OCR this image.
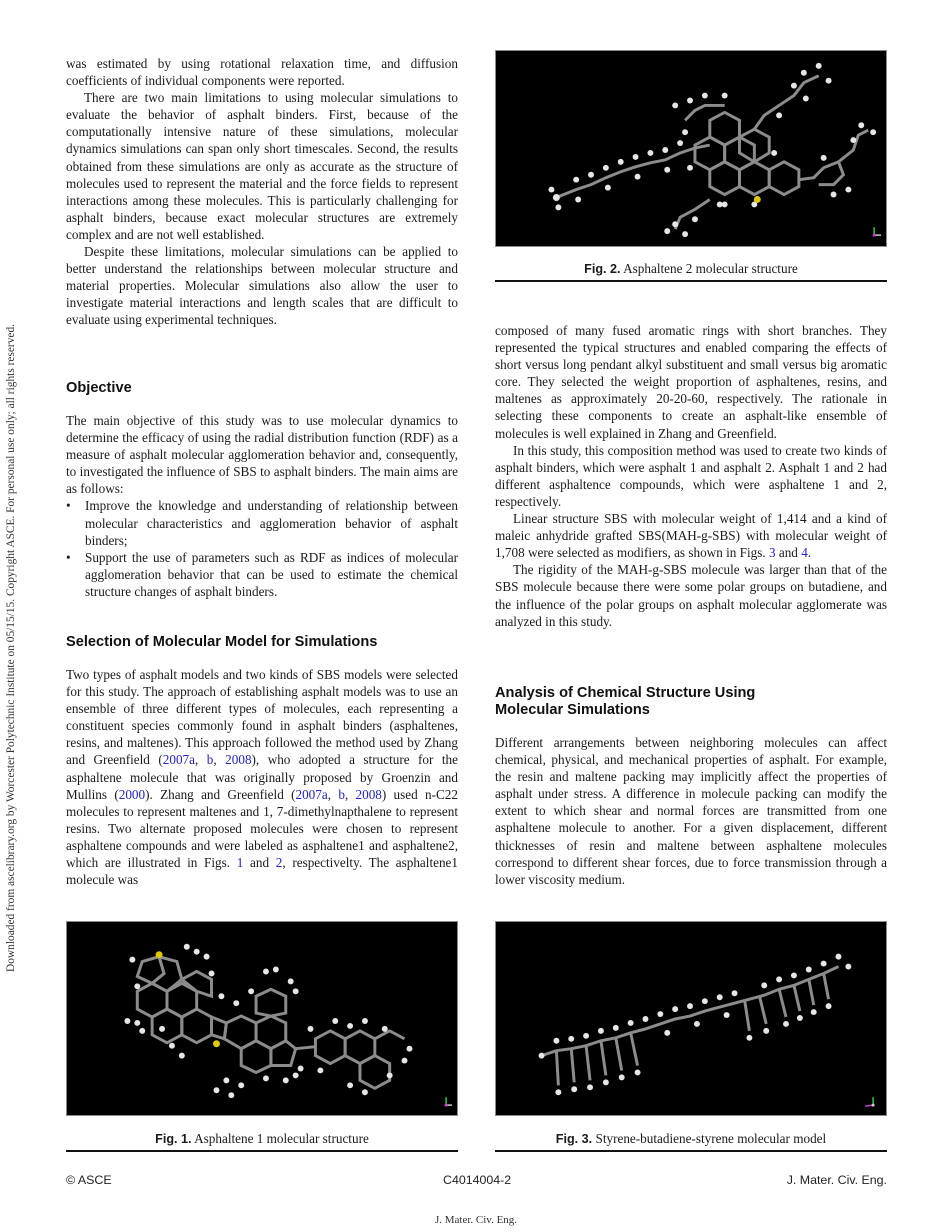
Downloaded from ascelibrary.org by Worcester Polytechnic Institute on 05/15/15. Copyright ASCE. For personal use only; all rights reserved.

was estimated by using rotational relaxation time, and diffusion coefficients of individual components were reported.

There are two main limitations to using molecular simulations to evaluate the behavior of asphalt binders. First, because of the computationally intensive nature of these simulations, molecular dynamics simulations can span only short timescales. Second, the results obtained from these simulations are only as accurate as the structure of molecules used to represent the material and the force fields to represent interactions among these molecules. This is particularly challenging for asphalt binders, because exact molecular structures are extremely complex and are not well established.

Despite these limitations, molecular simulations can be applied to better understand the relationships between molecular structure and material properties. Molecular simulations also allow the user to investigate material interactions and length scales that are difficult to evaluate using experimental techniques.

Objective

The main objective of this study was to use molecular dynamics to determine the efficacy of using the radial distribution function (RDF) as a measure of asphalt molecular agglomeration behavior and, consequently, to investigated the influence of SBS to asphalt binders. The main aims are as follows:

• Improve the knowledge and understanding of relationship between molecular characteristics and agglomeration behavior of asphalt binders;
• Support the use of parameters such as RDF as indices of molecular agglomeration behavior that can be used to estimate the chemical structure changes of asphalt binders.
Selection of Molecular Model for Simulations

Two types of asphalt models and two kinds of SBS models were selected for this study. The approach of establishing asphalt models was to use an ensemble of three different types of molecules, each representing a constituent species commonly found in asphalt binders (asphaltenes, resins, and maltenes). This approach followed the method used by Zhang and Greenfield (2007a, b, 2008), who adopted a structure for the asphaltene molecule that was originally proposed by Groenzin and Mullins (2000). Zhang and Greenfield (2007a, b, 2008) used n-C22 molecules to represent maltenes and 1, 7-dimethylnapthalene to represent resins. Two alternate proposed molecules were chosen to represent asphaltene compounds and were labeled as asphaltene1 and asphaltene2, which are illustrated in Figs. 1 and 2, respectivelty. The asphaltene1 molecule was

Fig. 2. Asphaltene 2 molecular structure

composed of many fused aromatic rings with short branches. They represented the typical structures and enabled comparing the effects of short versus long pendant alkyl substituent and small versus big aromatic core. They selected the weight proportion of asphaltenes, resins, and maltenes as approximately 20-20-60, respectively. The rationale in selecting these components to create an asphalt-like ensemble of molecules is well explained in Zhang and Greenfield.

In this study, this composition method was used to create two kinds of asphalt binders, which were asphalt 1 and asphalt 2. Asphalt 1 and 2 had different asphaltence compounds, which were asphaltene 1 and 2, respectively.

Linear structure SBS with molecular weight of 1,414 and a kind of maleic anhydride grafted SBS(MAH-g-SBS) with molecular weight of 1,708 were selected as modifiers, as shown in Figs. 3 and 4.

The rigidity of the MAH-g-SBS molecule was larger than that of the SBS molecule because there were some polar groups on butadiene, and the influence of the polar groups on asphalt molecular agglomerate was analyzed in this study.

Analysis of Chemical Structure Using
Molecular Simulations

Different arrangements between neighboring molecules can affect chemical, physical, and mechanical properties of asphalt. For example, the resin and maltene packing may implicitly affect the properties of asphalt under stress. A difference in molecule packing can modify the extent to which shear and normal forces are transmitted from one asphaltene molecule to another. For a given displacement, different thicknesses of resin and maltene between asphaltene molecules correspond to different shear forces, due to force transmission through a lower viscosity medium.

Fig. 1. Asphaltene 1 molecular structure	Fig. 3. Styrene-butadiene-styrene molecular model
© ASCE	C4014004-2	J. Mater. Civ. Eng.
J. Mater. Civ. Eng.
